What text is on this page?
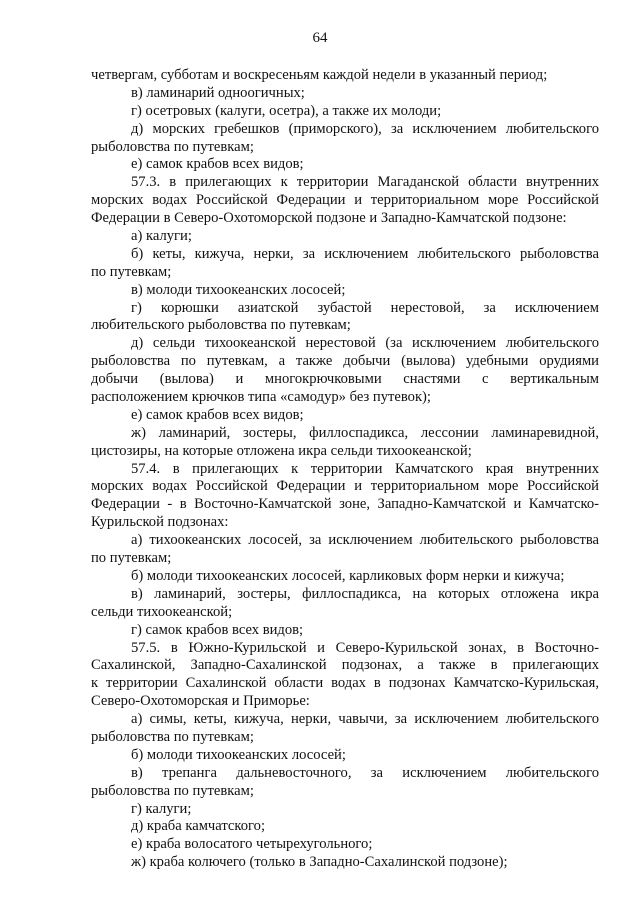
64
четвергам, субботам и воскресеньям каждой недели в указанный период;
в) ламинарий одноогичных;
г) осетровых (калуги, осетра), а также их молоди;
д) морских гребешков (приморского), за исключением любительского
рыболовства по путевкам;
е) самок крабов всех видов;
57.3. в прилегающих к территории Магаданской области внутренних
морских водах Российской Федерации и территориальном море Российской
Федерации в Северо-Охотоморской подзоне и Западно-Камчатской подзоне:
а) калуги;
б) кеты, кижуча, нерки, за исключением любительского рыболовства
по путевкам;
в) молоди тихоокеанских лососей;
г) корюшки азиатской зубастой нерестовой, за исключением
любительского рыболовства по путевкам;
д) сельди тихоокеанской нерестовой (за исключением любительского
рыболовства по путевкам, а также добычи (вылова) удебными орудиями
добычи (вылова) и многокрючковыми снастями с вертикальным
расположением крючков типа «самодур» без путевок);
е) самок крабов всех видов;
ж) ламинарий, зостеры, филлоспадикса, лессонии ламинаревидной,
цистозиры, на которые отложена икра сельди тихоокеанской;
57.4. в прилегающих к территории Камчатского края внутренних
морских водах Российской Федерации и территориальном море Российской
Федерации - в Восточно-Камчатской зоне, Западно-Камчатской и Камчатско-
Курильской подзонах:
а) тихоокеанских лососей, за исключением любительского рыболовства
по путевкам;
б) молоди тихоокеанских лососей, карликовых форм нерки и кижуча;
в) ламинарий, зостеры, филлоспадикса, на которых отложена икра
сельди тихоокеанской;
г) самок крабов всех видов;
57.5. в Южно-Курильской и Северо-Курильской зонах, в Восточно-
Сахалинской, Западно-Сахалинской подзонах, а также в прилегающих
к территории Сахалинской области водах в подзонах Камчатско-Курильская,
Северо-Охотоморская и Приморье:
а) симы, кеты, кижуча, нерки, чавычи, за исключением любительского
рыболовства по путевкам;
б) молоди тихоокеанских лососей;
в) трепанга дальневосточного, за исключением любительского
рыболовства по путевкам;
г) калуги;
д) краба камчатского;
е) краба волосатого четырехугольного;
ж) краба колючего (только в Западно-Сахалинской подзоне);
